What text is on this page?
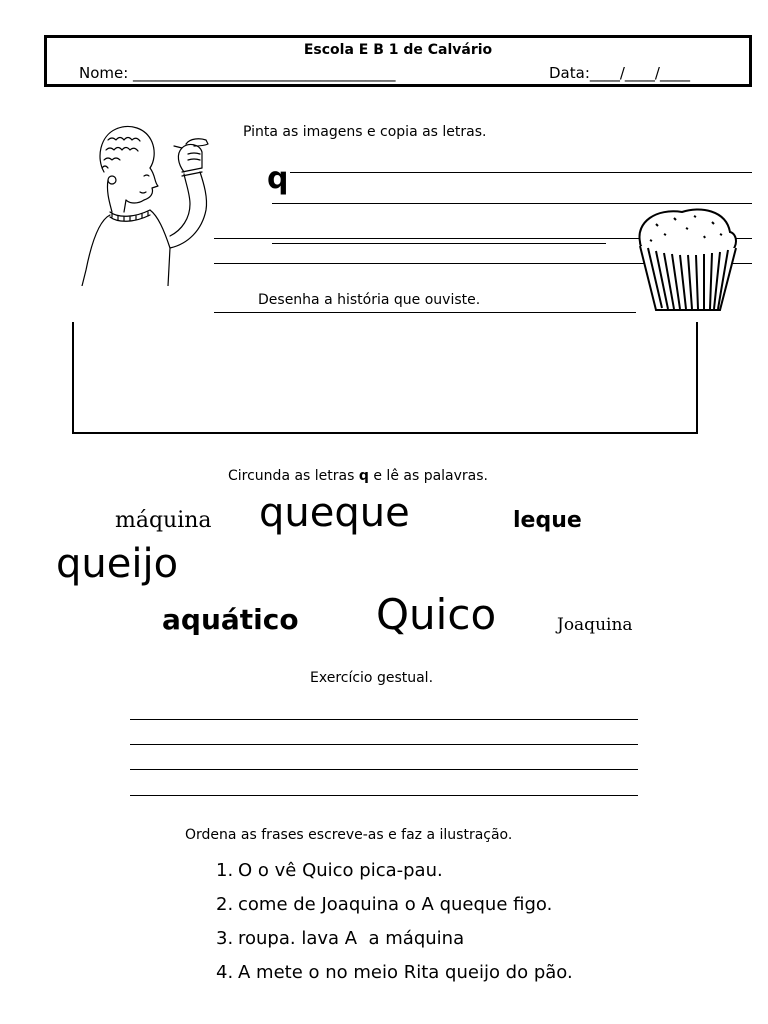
Escola E B 1 de Calvário
Nome: ___________________________________	Data:____/____/____
Pinta as imagens e copia as letras.
q
Desenha a história que ouviste.
Circunda as letras q e lê as palavras.
máquina queque	leque
queijo
aquático Quico	Joaquina
Exercício gestual.
Ordena as frases escreve-as e faz a ilustração.
1. O o vê Quico pica-pau.
2. come de Joaquina o A queque figo.
3. roupa. lava A  a máquina
4. A mete o no meio Rita queijo do pão.
